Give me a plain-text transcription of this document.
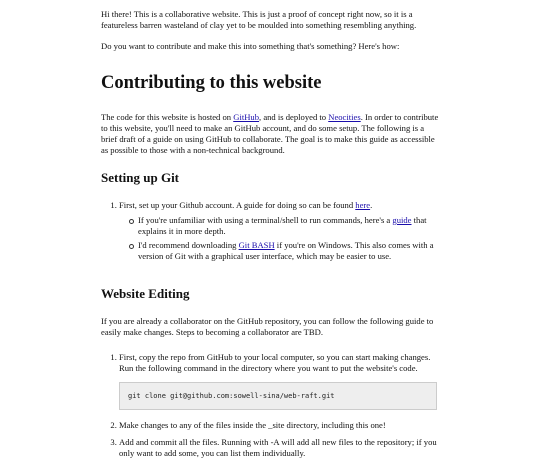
Hi there! This is a collaborative website. This is just a proof of concept right now, so it is a featureless barren wasteland of clay yet to be moulded into something resembling anything.

Do you want to contribute and make this into something that's something? Here's how:

Contributing to this website

The code for this website is hosted on GitHub, and is deployed to Neocities. In order to contribute to this website, you'll need to make an GitHub account, and do some setup. The following is a brief draft of a guide on using GitHub to collaborate. The goal is to make this guide as accessible as possible to those with a non-technical background.

Setting up Git
1. First, set up your Github account. A guide for doing so can be found here.
If you're unfamiliar with using a terminal/shell to run commands, here's a guide that explains it in more depth.
I'd recommend downloading Git BASH if you're on Windows. This also comes with a version of Git with a graphical user interface, which may be easier to use.
Website Editing

If you are already a collaborator on the GitHub repository, you can follow the following guide to easily make changes. Steps to becoming a collaborator are TBD.

1. First, copy the repo from GitHub to your local computer, so you can start making changes. Run the following command in the directory where you want to put the website's code.
git clone git@github.com:sowell-sina/web-raft.git
2. Make changes to any of the files inside the _site directory, including this one!
3. Add and commit all the files. Running with -A will add all new files to the repository; if you only want to add some, you can list them individually.
